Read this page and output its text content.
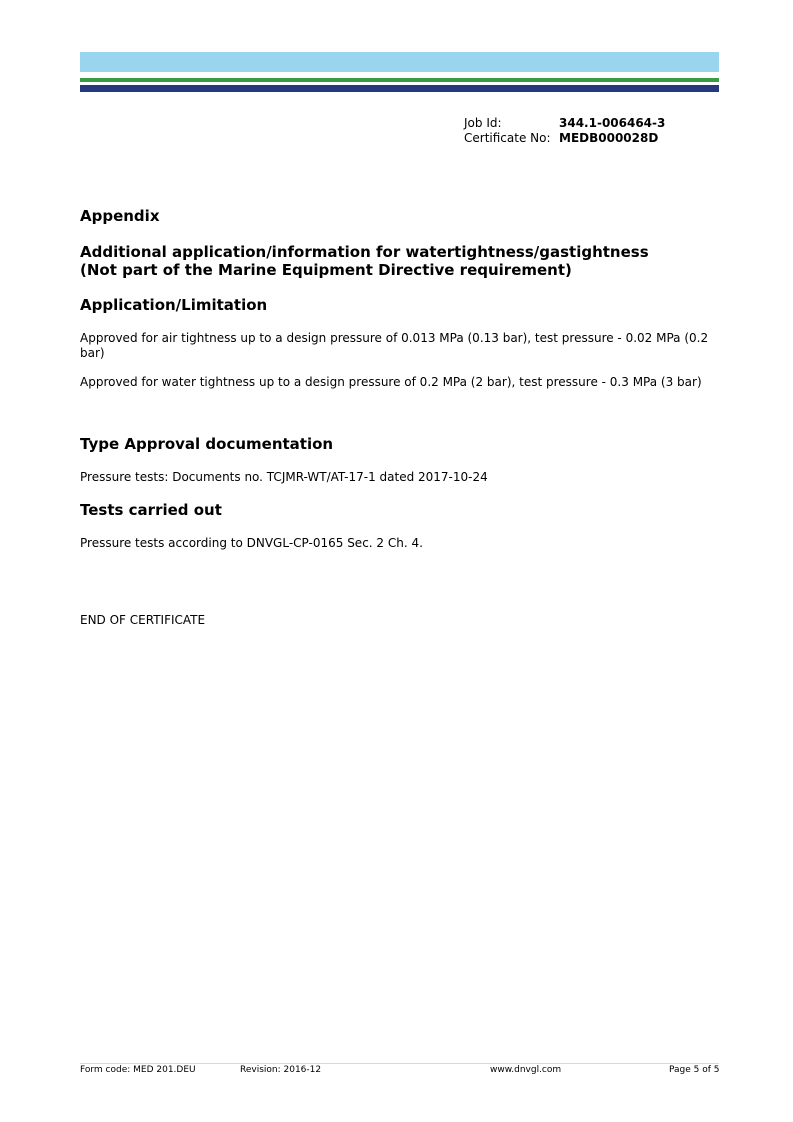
Job Id:	344.1-006464-3
Certificate No: MEDB000028D
Appendix
Additional application/information for watertightness/gastightness
(Not part of the Marine Equipment Directive requirement)
Application/Limitation

Approved for air tightness up to a design pressure of 0.013 MPa (0.13 bar), test pressure - 0.02 MPa (0.2 bar)

Approved for water tightness up to a design pressure of 0.2 MPa (2 bar), test pressure - 0.3 MPa (3 bar)

Type Approval documentation

Pressure tests: Documents no. TCJMR-WT/AT-17-1 dated 2017-10-24

Tests carried out

Pressure tests according to DNVGL-CP-0165 Sec. 2 Ch. 4.

END OF CERTIFICATE

Form code: MED 201.DEU	Revision: 2016-12	www.dnvgl.com	Page 5 of 5
